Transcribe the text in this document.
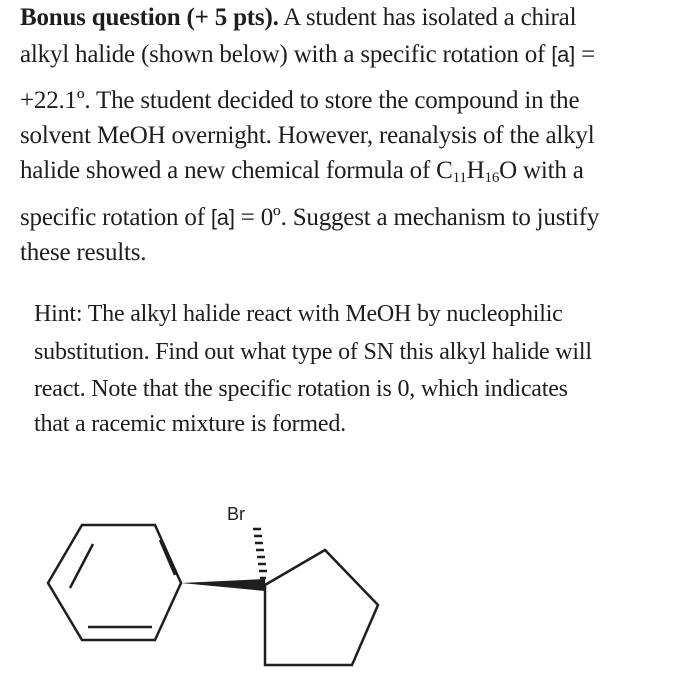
Bonus question (+ 5 pts). A student has isolated a chiral
alkyl halide (shown below) with a specific rotation of [a] =
+22.1º. The student decided to store the compound in the
solvent MeOH overnight. However, reanalysis of the alkyl
halide showed a new chemical formula of $C_{11}H_{16}O$ with a
specific rotation of [a] = 0º. Suggest a mechanism to justify
these results.
Hint: The alkyl halide react with MeOH by nucleophilic
substitution. Find out what type of SN this alkyl halide will
react. Note that the specific rotation is 0, which indicates
that a racemic mixture is formed.
Br
